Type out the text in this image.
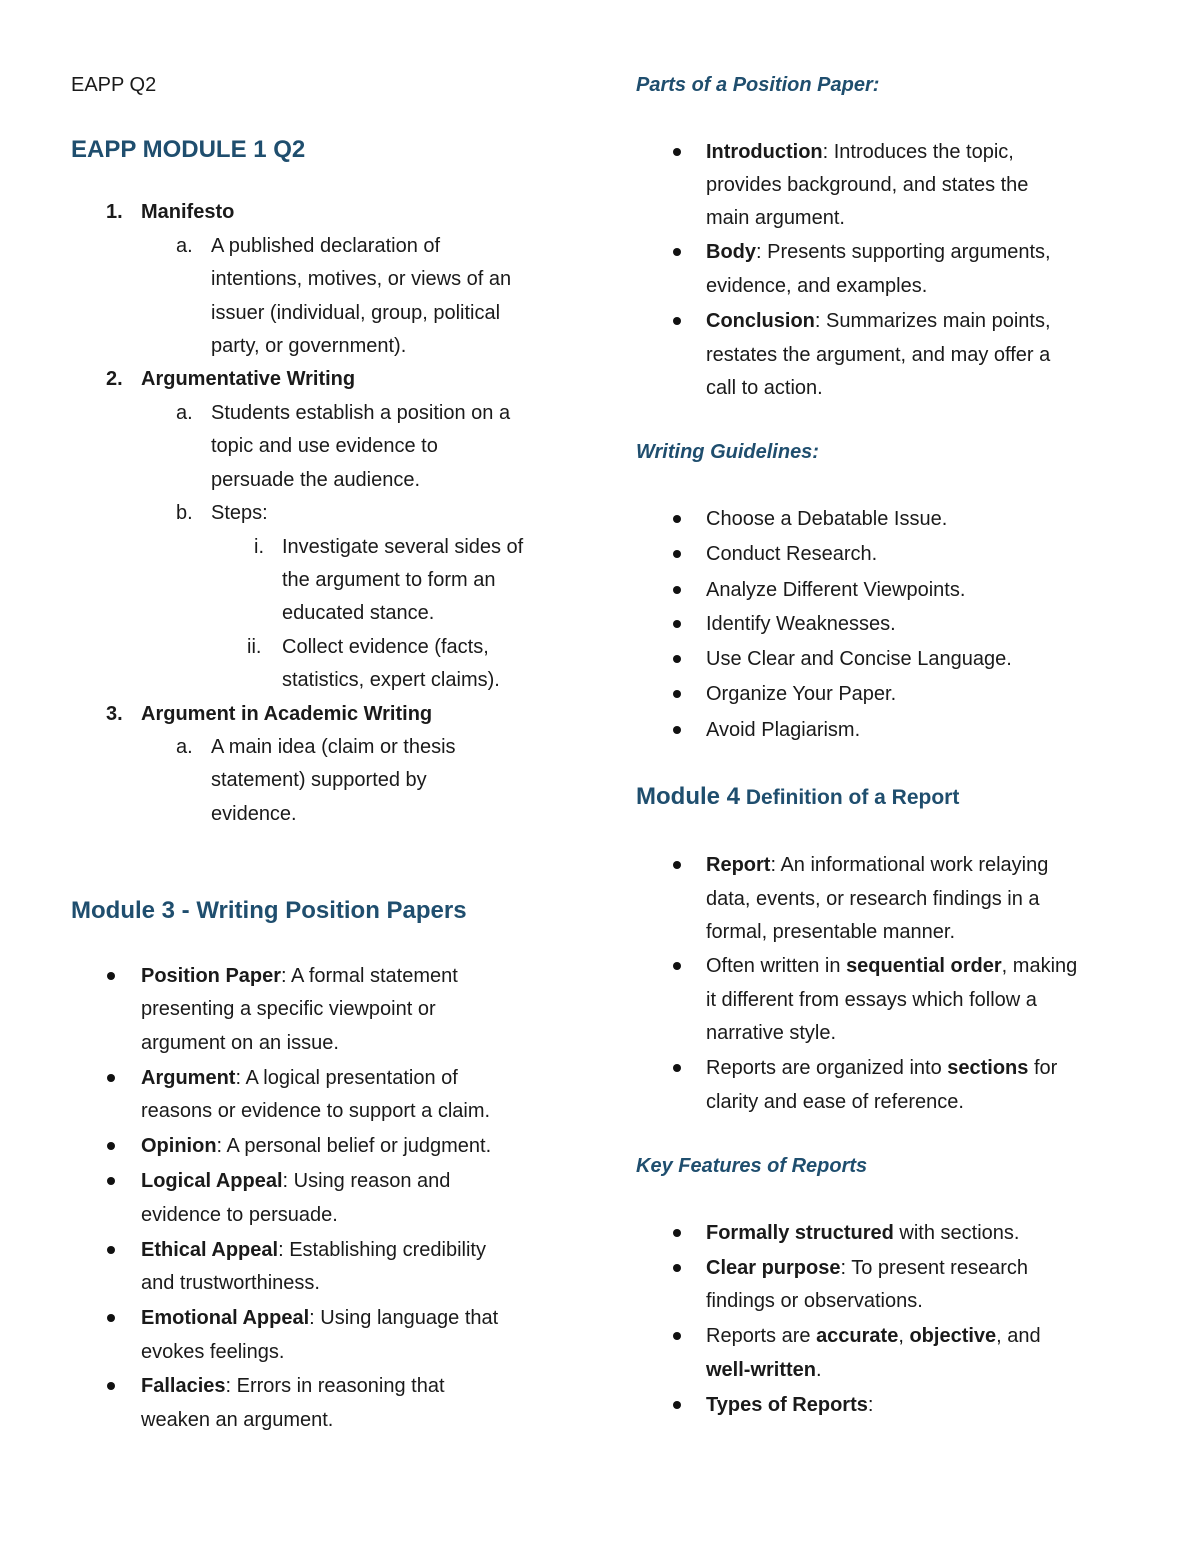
EAPP Q2
EAPP MODULE 1 Q2
1. Manifesto
a. A published declaration of
intentions, motives, or views of an
issuer (individual, group, political
party, or government).
2. Argumentative Writing
a. Students establish a position on a
topic and use evidence to
persuade the audience.
b. Steps:
i. Investigate several sides of
the argument to form an
educated stance.
ii. Collect evidence (facts,
statistics, expert claims).
3. Argument in Academic Writing
a. A main idea (claim or thesis
statement) supported by
evidence.
Module 3 - Writing Position Papers
Position Paper: A formal statement
presenting a specific viewpoint or
argument on an issue.
Argument: A logical presentation of
reasons or evidence to support a claim.
Opinion: A personal belief or judgment.
Logical Appeal: Using reason and
evidence to persuade.
Ethical Appeal: Establishing credibility
and trustworthiness.
Emotional Appeal: Using language that
evokes feelings.
Fallacies: Errors in reasoning that
weaken an argument.
Parts of a Position Paper:
Introduction: Introduces the topic,
provides background, and states the
main argument.
Body: Presents supporting arguments,
evidence, and examples.
Conclusion: Summarizes main points,
restates the argument, and may offer a
call to action.
Writing Guidelines:
Choose a Debatable Issue.
Conduct Research.
Analyze Different Viewpoints.
Identify Weaknesses.
Use Clear and Concise Language.
Organize Your Paper.
Avoid Plagiarism.
Module 4 Definition of a Report
Report: An informational work relaying
data, events, or research findings in a
formal, presentable manner.
Often written in sequential order, making
it different from essays which follow a
narrative style.
Reports are organized into sections for
clarity and ease of reference.
Key Features of Reports
Formally structured with sections.
Clear purpose: To present research
findings or observations.
Reports are accurate, objective, and
well-written.
Types of Reports:
